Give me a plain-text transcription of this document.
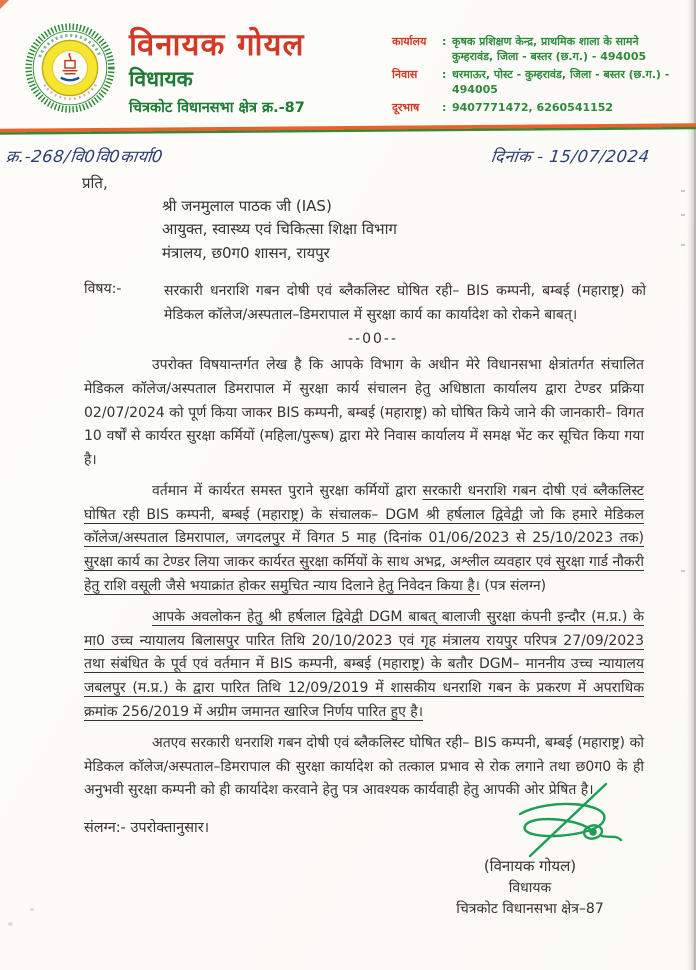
विनायक गोयल
विधायक
चित्रकोट विधानसभा क्षेत्र क्र.-87
कार्यालय	: कृषक प्रशिक्षण केन्द्र, प्राथमिक शाला के सामने कुम्हरावंड, जिला - बस्तर (छ.ग.) - 494005
निवास	: धरमाऊर, पोस्ट - कुम्हरावंड, जिला - बस्तर (छ.ग.) - 494005
दूरभाष	: 9407771472, 6260541152
क्र.-268/वि0वि0कार्या0	दिनांक - 15/07/2024
प्रति,
श्री जनमुलाल पाठक जी (IAS)
आयुक्त, स्वास्थ्य एवं चिकित्सा शिक्षा विभाग
मंत्रालय, छ0ग0 शासन, रायपुर
विषय:-	सरकारी धनराशि गबन दोषी एवं ब्लैकलिस्ट घोषित रही– BIS कम्पनी, बम्बई (महाराष्ट्र) को मेडिकल कॉलेज/अस्पताल–डिमरापाल में सुरक्षा कार्य का कार्यादेश को रोकने बाबत्।
--00--

उपरोक्त विषयान्तर्गत लेख है कि आपके विभाग के अधीन मेरे विधानसभा क्षेत्रांतर्गत संचालित मेडिकल कॉलेज/अस्पताल डिमरापाल में सुरक्षा कार्य संचालन हेतु अधिष्ठाता कार्यालय द्वारा टेण्डर प्रक्रिया 02/07/2024 को पूर्ण किया जाकर BIS कम्पनी, बम्बई (महाराष्ट्र) को घोषित किये जाने की जानकारी– विगत 10 वर्षों से कार्यरत सुरक्षा कर्मियों (महिला/पुरूष) द्वारा मेरे निवास कार्यालय में समक्ष भेंट कर सूचित किया गया है।

वर्तमान में कार्यरत समस्त पुराने सुरक्षा कर्मियों द्वारा सरकारी धनराशि गबन दोषी एवं ब्लैकलिस्ट घोषित रही BIS कम्पनी, बम्बई (महाराष्ट्र) के संचालक– DGM श्री हर्षलाल द्विवेद्वी जो कि हमारे मेडिकल कॉलेज/अस्पताल डिमरापाल, जगदलपुर में विगत 5 माह (दिनांक 01/06/2023 से 25/10/2023 तक) सुरक्षा कार्य का टेण्डर लिया जाकर कार्यरत सुरक्षा कर्मियों के साथ अभद्र, अश्लील व्यवहार एवं सुरक्षा गार्ड नौकरी हेतु राशि वसूली जैसे भयाक्रांत होकर समुचित न्याय दिलाने हेतु निवेदन किया है। (पत्र संलग्न)

आपके अवलोकन हेतु श्री हर्षलाल द्विवेद्वी DGM बाबत् बालाजी सुरक्षा कंपनी इन्दौर (म.प्र.) के मा0 उच्च न्यायालय बिलासपुर पारित तिथि 20/10/2023 एवं गृह मंत्रालय रायपुर परिपत्र 27/09/2023 तथा संबंधित के पूर्व एवं वर्तमान में BIS कम्पनी, बम्बई (महाराष्ट्र) के बतौर DGM– माननीय उच्च न्यायालय जबलपुर (म.प्र.) के द्वारा पारित तिथि 12/09/2019 में शासकीय धनराशि गबन के प्रकरण में अपराधिक क्रमांक 256/2019 में अग्रीम जमानत खारिज निर्णय पारित हुए है।

अतएव सरकारी धनराशि गबन दोषी एवं ब्लैकलिस्ट घोषित रही– BIS कम्पनी, बम्बई (महाराष्ट्र) को मेडिकल कॉलेज/अस्पताल–डिमरापाल की सुरक्षा कार्यादेश को तत्काल प्रभाव से रोक लगाने तथा छ0ग0 के ही अनुभवी सुरक्षा कम्पनी को ही कार्यादेश करवाने हेतु पत्र आवश्यक कार्यवाही हेतु आपकी ओर प्रेषित है।

संलग्न:- उपरोक्तानुसार।
(विनायक गोयल)
विधायक
चित्रकोट विधानसभा क्षेत्र–87
